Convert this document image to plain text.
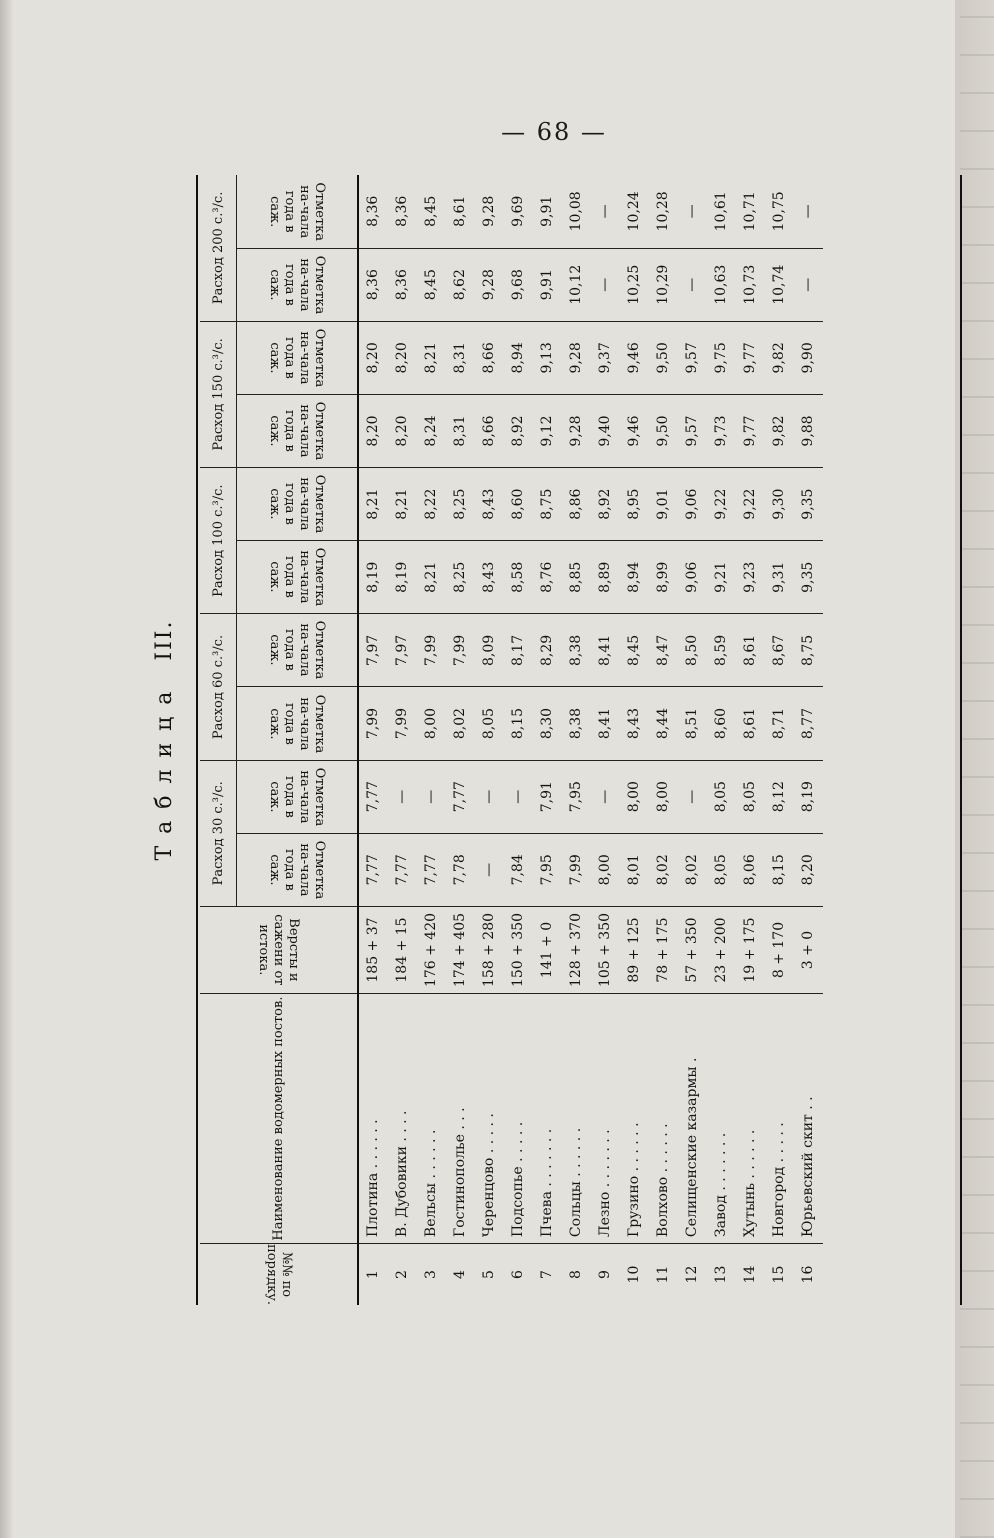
— 68 —
Таблица III.
№№ по порядку.	Наименование водомерных постов.	Версты и сажени от истока.	Расход 30 с.³/с.		Расход 60 с.³/с.		Расход 100 с.³/с.		Расход 150 с.³/с.		Расход 200 с.³/с.	
			Отметка на-чала года в саж.	Отметка на-чала года в саж.	Отметка на-чала года в саж.	Отметка на-чала года в саж.	Отметка на-чала года в саж.	Отметка на-чала года в саж.	Отметка на-чала года в саж.	Отметка на-чала года в саж.	Отметка на-чала года в саж.	Отметка на-чала года в саж.
1	Плотина . . . . . .	185 + 37	7,77	7,77	7,99	7,97	8,19	8,21	8,20	8,20	8,36	8,36
2	В. Дубовики . . . .	184 + 15	7,77	—	7,99	7,97	8,19	8,21	8,20	8,20	8,36	8,36
3	Вельсы . . . . . .	176 + 420	7,77	—	8,00	7,99	8,21	8,22	8,24	8,21	8,45	8,45
4	Гостинополье . . .	174 + 405	7,78	7,77	8,02	7,99	8,25	8,25	8,31	8,31	8,62	8,61
5	Черенцово . . . . .	158 + 280	—	—	8,05	8,09	8,43	8,43	8,66	8,66	9,28	9,28
6	Подсопье . . . . .	150 + 350	7,84	—	8,15	8,17	8,58	8,60	8,92	8,94	9,68	9,69
7	Пчева . . . . . . .	141 + 0	7,95	7,91	8,30	8,29	8,76	8,75	9,12	9,13	9,91	9,91
8	Сольцы . . . . . .	128 + 370	7,99	7,95	8,38	8,38	8,85	8,86	9,28	9,28	10,12	10,08
9	Лезно . . . . . . .	105 + 350	8,00	—	8,41	8,41	8,89	8,92	9,40	9,37	—	—
10	Грузино . . . . . .	89 + 125	8,01	8,00	8,43	8,45	8,94	8,95	9,46	9,46	10,25	10,24
11	Волхово . . . . . .	78 + 175	8,02	8,00	8,44	8,47	8,99	9,01	9,50	9,50	10,29	10,28
12	Селищенские казармы .	57 + 350	8,02	—	8,51	8,50	9,06	9,06	9,57	9,57	—	—
13	Завод . . . . . . .	23 + 200	8,05	8,05	8,60	8,59	9,21	9,22	9,73	9,75	10,63	10,61
14	Хутынь . . . . . .	19 + 175	8,06	8,05	8,61	8,61	9,23	9,22	9,77	9,77	10,73	10,71
15	Новгород . . . . .	8 + 170	8,15	8,12	8,71	8,67	9,31	9,30	9,82	9,82	10,74	10,75
16	Юрьевский скит . .	3 + 0	8,20	8,19	8,77	8,75	9,35	9,35	9,88	9,90	—	—
